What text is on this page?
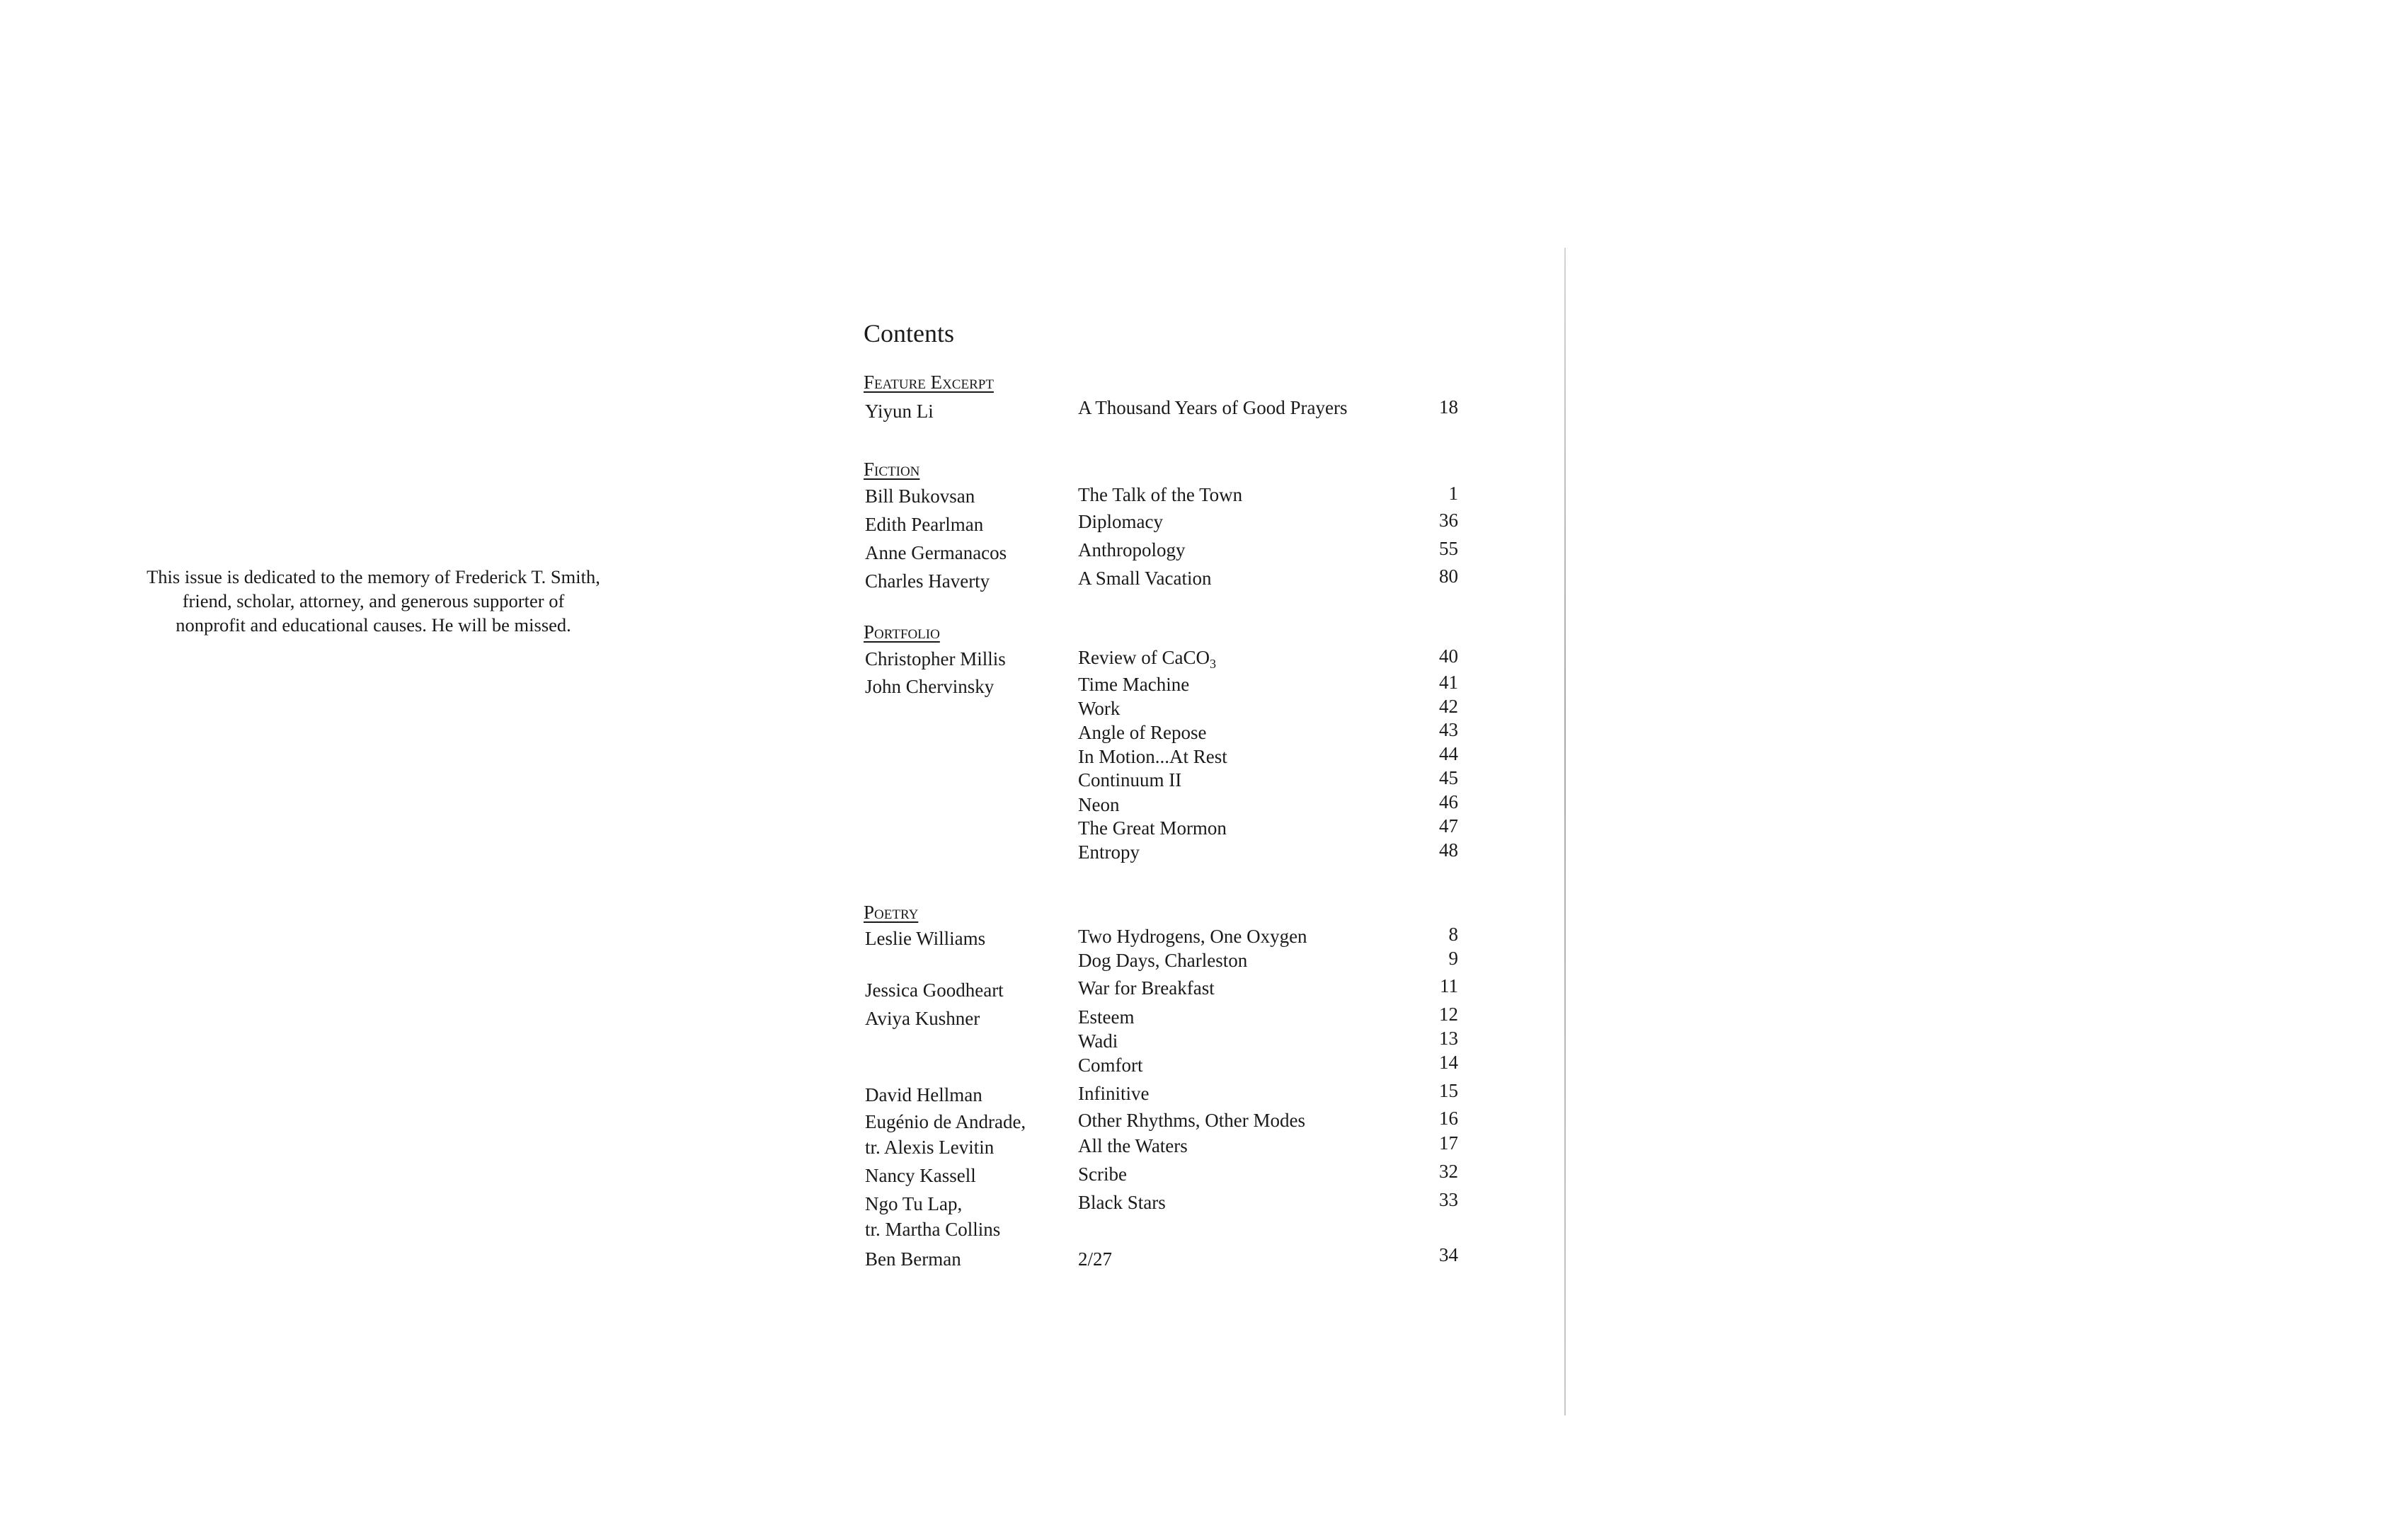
This issue is dedicated to the memory of Frederick T. Smith,
friend, scholar, attorney, and generous supporter of
nonprofit and educational causes. He will be missed.
Contents
Feature Excerpt
Yiyun Li	A Thousand Years of Good Prayers	18
Fiction
Bill Bukovsan	The Talk of the Town	1
Edith Pearlman	Diplomacy	36
Anne Germanacos	Anthropology	55
Charles Haverty	A Small Vacation	80
Portfolio
Christopher Millis	Review of CaCO$_3$	40
John Chervinsky	Time Machine	41
Work	42
Angle of Repose	43
In Motion...At Rest	44
Continuum II	45
Neon	46
The Great Mormon	47
Entropy	48
Poetry
Leslie Williams	Two Hydrogens, One Oxygen	8
Dog Days, Charleston	9
Jessica Goodheart	War for Breakfast	11
Aviya Kushner	Esteem	12
Wadi	13
Comfort	14
David Hellman	Infinitive	15
Eugénio de Andrade,	Other Rhythms, Other Modes	16
tr. Alexis Levitin	All the Waters	17
Nancy Kassell	Scribe	32
Ngo Tu Lap,	Black Stars	33
tr. Martha Collins
Ben Berman	2/27	34
